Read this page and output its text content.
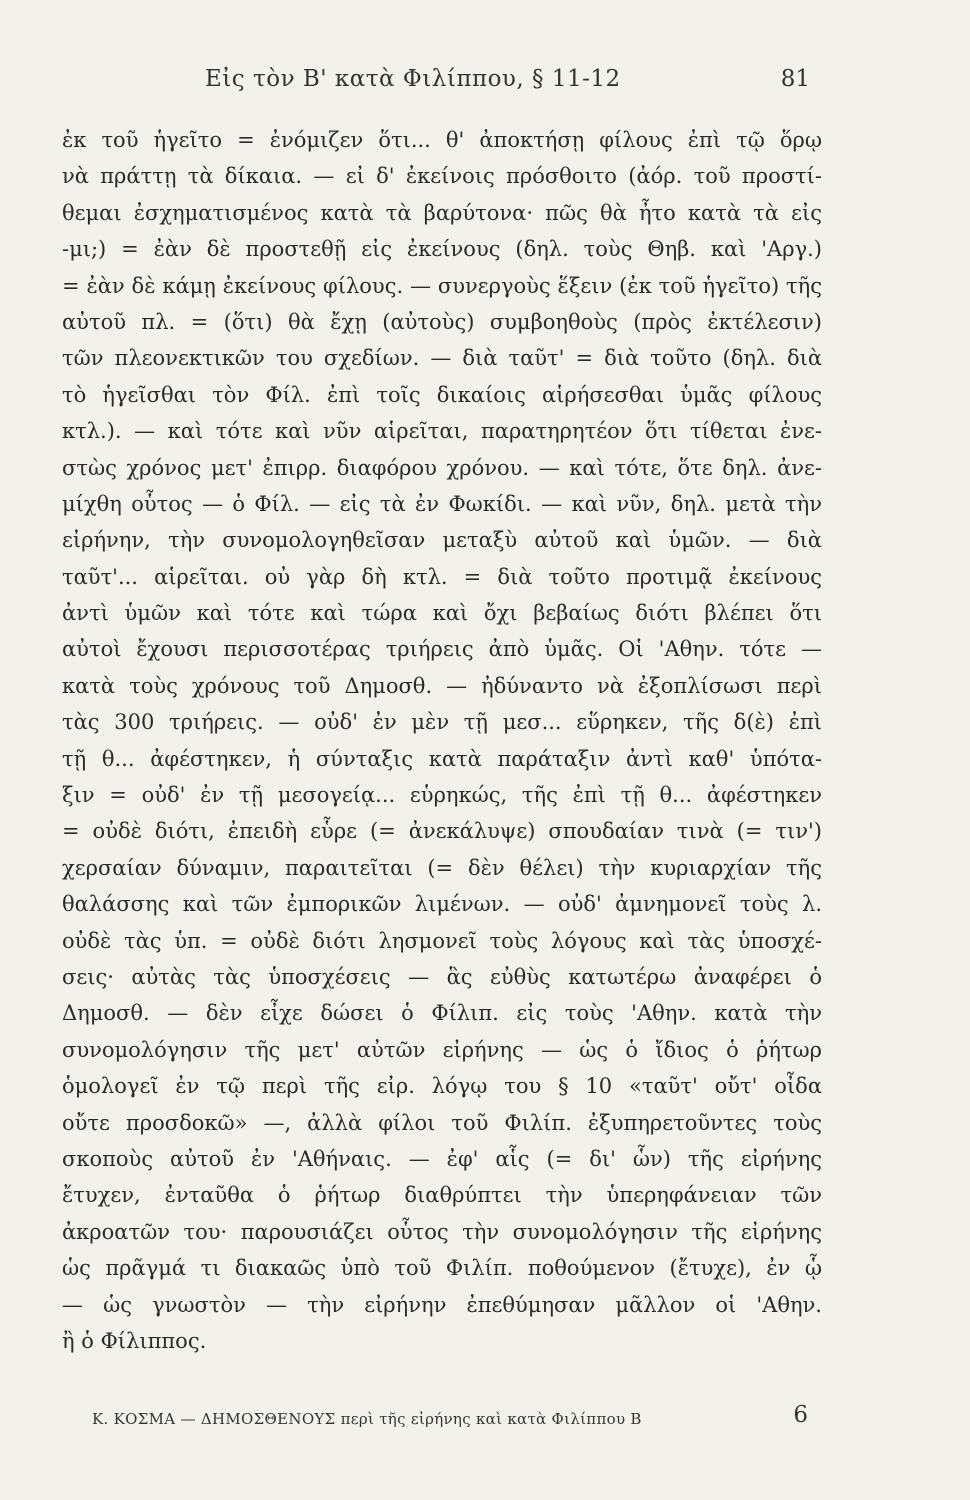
Εἰς τὸν Β' κατὰ Φιλίππου, § 11-12	81
ἐκ τοῦ ἡγεῖτο = ἐνόμιζεν ὅτι... θ' ἀποκτήσῃ φίλους ἐπὶ τῷ ὅρῳ
νὰ πράττῃ τὰ δίκαια. — εἰ δ' ἐκείνοις πρόσθοιτο (ἀόρ. τοῦ προστί-
θεμαι ἐσχηματισμένος κατὰ τὰ βαρύτονα· πῶς θὰ ἦτο κατὰ τὰ εἰς
-μι;) = ἐὰν δὲ προστεθῇ εἰς ἐκείνους (δηλ. τοὺς Θηβ. καὶ 'Αργ.)
= ἐὰν δὲ κάμῃ ἐκείνους φίλους. — συνεργοὺς ἕξειν (ἐκ τοῦ ἡγεῖτο) τῆς
αὐτοῦ πλ. = (ὅτι) θὰ ἔχῃ (αὐτοὺς) συμβοηθοὺς (πρὸς ἐκτέλεσιν)
τῶν πλεονεκτικῶν του σχεδίων. — διὰ ταῦτ' = διὰ τοῦτο (δηλ. διὰ
τὸ ἡγεῖσθαι τὸν Φίλ. ἐπὶ τοῖς δικαίοις αἱρήσεσθαι ὑμᾶς φίλους
κτλ.). — καὶ τότε καὶ νῦν αἱρεῖται, παρατηρητέον ὅτι τίθεται ἐνε-
στὼς χρόνος μετ' ἐπιρρ. διαφόρου χρόνου. — καὶ τότε, ὅτε δηλ. ἀνε-
μίχθη οὗτος — ὁ Φίλ. — εἰς τὰ ἐν Φωκίδι. — καὶ νῦν, δηλ. μετὰ τὴν
εἰρήνην, τὴν συνομολογηθεῖσαν μεταξὺ αὐτοῦ καὶ ὑμῶν. — διὰ
ταῦτ'... αἱρεῖται. οὐ γὰρ δὴ κτλ. = διὰ τοῦτο προτιμᾷ ἐκείνους
ἀντὶ ὑμῶν καὶ τότε καὶ τώρα καὶ ὄχι βεβαίως διότι βλέπει ὅτι
αὐτοὶ ἔχουσι περισσοτέρας τριήρεις ἀπὸ ὑμᾶς. Οἱ 'Αθην. τότε —
κατὰ τοὺς χρόνους τοῦ Δημοσθ. — ἠδύναντο νὰ ἐξοπλίσωσι περὶ
τὰς 300 τριήρεις. — οὐδ' ἐν μὲν τῇ μεσ... εὕρηκεν, τῆς δ(ὲ) ἐπὶ
τῇ θ... ἀφέστηκεν, ἡ σύνταξις κατὰ παράταξιν ἀντὶ καθ' ὑπότα-
ξιν = οὐδ' ἐν τῇ μεσογείᾳ... εὑρηκώς, τῆς ἐπὶ τῇ θ... ἀφέστηκεν
= οὐδὲ διότι, ἐπειδὴ εὗρε (= ἀνεκάλυψε) σπουδαίαν τινὰ (= τιν')
χερσαίαν δύναμιν, παραιτεῖται (= δὲν θέλει) τὴν κυριαρχίαν τῆς
θαλάσσης καὶ τῶν ἐμπορικῶν λιμένων. — οὐδ' ἀμνημονεῖ τοὺς λ.
οὐδὲ τὰς ὑπ. = οὐδὲ διότι λησμονεῖ τοὺς λόγους καὶ τὰς ὑποσχέ-
σεις· αὐτὰς τὰς ὑποσχέσεις — ἃς εὐθὺς κατωτέρω ἀναφέρει ὁ
Δημοσθ. — δὲν εἶχε δώσει ὁ Φίλιπ. εἰς τοὺς 'Αθην. κατὰ τὴν
συνομολόγησιν τῆς μετ' αὐτῶν εἰρήνης — ὡς ὁ ἴδιος ὁ ῥήτωρ
ὁμολογεῖ ἐν τῷ περὶ τῆς εἰρ. λόγῳ του § 10 «ταῦτ' οὔτ' οἶδα
οὔτε προσδοκῶ» —, ἀλλὰ φίλοι τοῦ Φιλίπ. ἐξυπηρετοῦντες τοὺς
σκοποὺς αὐτοῦ ἐν 'Αθήναις. — ἐφ' αἷς (= δι' ὧν) τῆς εἰρήνης
ἔτυχεν, ἐνταῦθα ὁ ῥήτωρ διαθρύπτει τὴν ὑπερηφάνειαν τῶν
ἀκροατῶν του· παρουσιάζει οὗτος τὴν συνομολόγησιν τῆς εἰρήνης
ὡς πρᾶγμά τι διακαῶς ὑπὸ τοῦ Φιλίπ. ποθούμενον (ἔτυχε), ἐν ᾧ
— ὡς γνωστὸν — τὴν εἰρήνην ἐπεθύμησαν μᾶλλον οἱ 'Αθην.
ἢ ὁ Φίλιππος.
Κ. ΚΟΣΜΑ — ΔΗΜΟΣΘΕΝΟΥΣ περὶ τῆς εἰρήνης καὶ κατὰ Φιλίππου Β	6
